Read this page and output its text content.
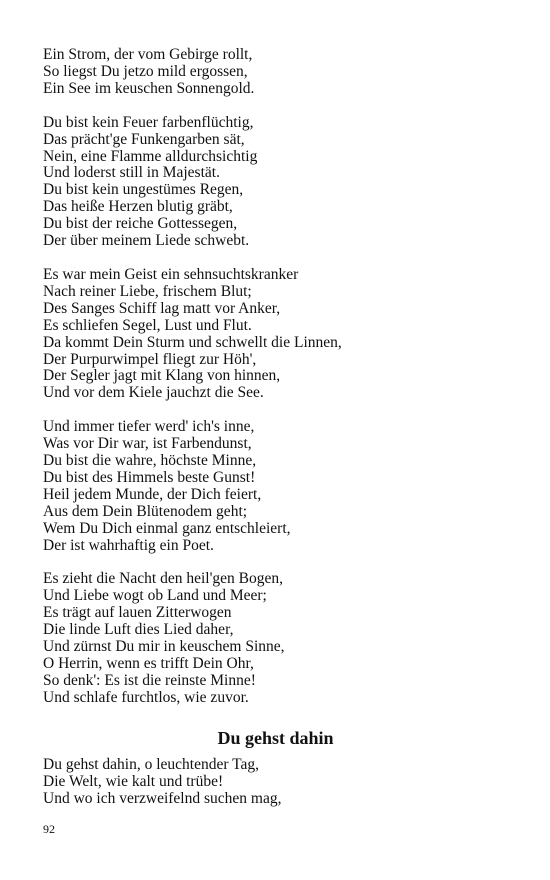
Ein Strom, der vom Gebirge rollt,
So liegst Du jetzo mild ergossen,
Ein See im keuschen Sonnengold.
Du bist kein Feuer farbenflüchtig,
Das prächt'ge Funkengarben sät,
Nein, eine Flamme alldurchsichtig
Und loderst still in Majestät.
Du bist kein ungestümes Regen,
Das heiße Herzen blutig gräbt,
Du bist der reiche Gottessegen,
Der über meinem Liede schwebt.
Es war mein Geist ein sehnsuchtskranker
Nach reiner Liebe, frischem Blut;
Des Sanges Schiff lag matt vor Anker,
Es schliefen Segel, Lust und Flut.
Da kommt Dein Sturm und schwellt die Linnen,
Der Purpurwimpel fliegt zur Höh',
Der Segler jagt mit Klang von hinnen,
Und vor dem Kiele jauchzt die See.
Und immer tiefer werd' ich's inne,
Was vor Dir war, ist Farbendunst,
Du bist die wahre, höchste Minne,
Du bist des Himmels beste Gunst!
Heil jedem Munde, der Dich feiert,
Aus dem Dein Blütenodem geht;
Wem Du Dich einmal ganz entschleiert,
Der ist wahrhaftig ein Poet.
Es zieht die Nacht den heil'gen Bogen,
Und Liebe wogt ob Land und Meer;
Es trägt auf lauen Zitterwogen
Die linde Luft dies Lied daher,
Und zürnst Du mir in keuschem Sinne,
O Herrin, wenn es trifft Dein Ohr,
So denk': Es ist die reinste Minne!
Und schlafe furchtlos, wie zuvor.
Du gehst dahin
Du gehst dahin, o leuchtender Tag,
Die Welt, wie kalt und trübe!
Und wo ich verzweifelnd suchen mag,
92
